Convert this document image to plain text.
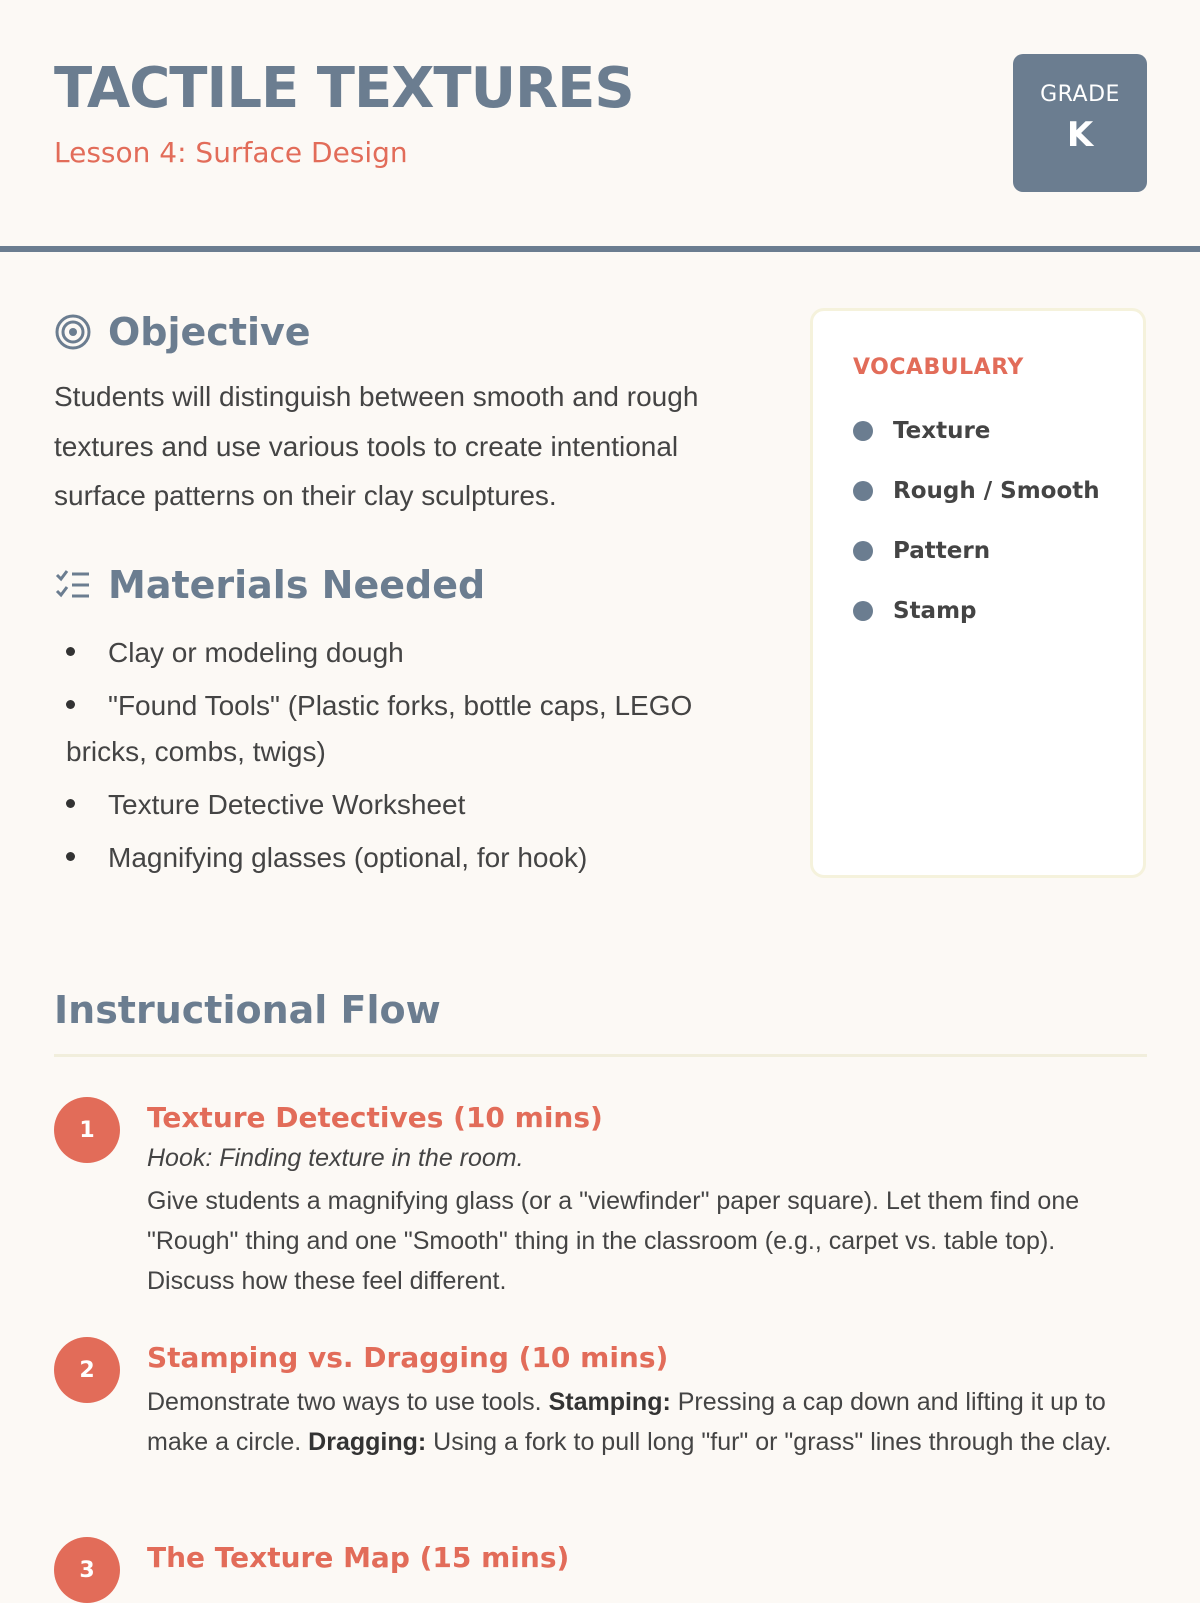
TACTILE TEXTURES
Lesson 4: Surface Design
GRADE
K
Objective

Students will distinguish between smooth and rough textures and use various tools to create intentional surface patterns on their clay sculptures.

Materials Needed
Clay or modeling dough
"Found Tools" (Plastic forks, bottle caps, LEGO bricks, combs, twigs)
Texture Detective Worksheet
Magnifying glasses (optional, for hook)
VOCABULARY
Texture
Rough / Smooth
Pattern
Stamp
Instructional Flow
1	Texture Detectives (10 mins)
Hook: Finding texture in the room.
Give students a magnifying glass (or a "viewfinder" paper square). Let them find one "Rough" thing and one "Smooth" thing in the classroom (e.g., carpet vs. table top). Discuss how these feel different.
2	Stamping vs. Dragging (10 mins)
Demonstrate two ways to use tools. Stamping: Pressing a cap down and lifting it up to make a circle. Dragging: Using a fork to pull long "fur" or "grass" lines through the clay.
3	The Texture Map (15 mins)
